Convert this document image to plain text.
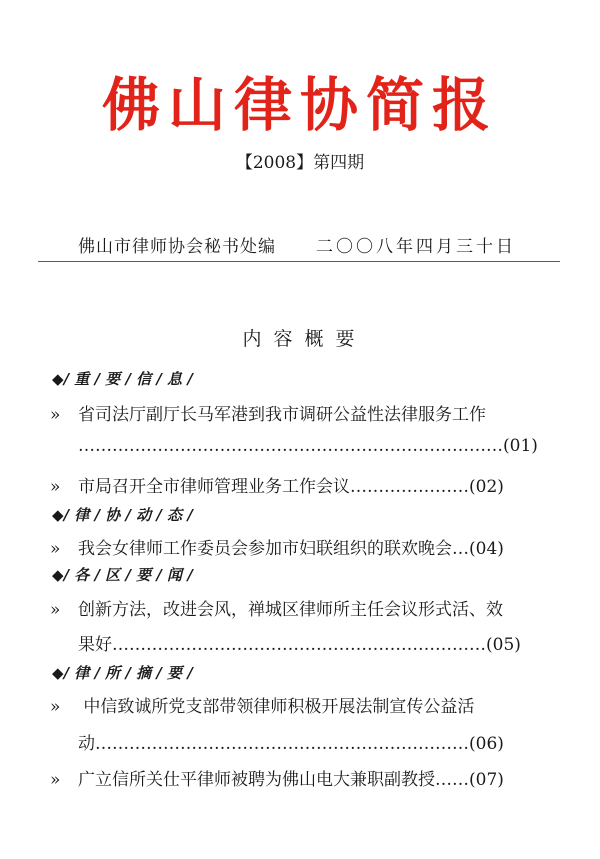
佛山律协简报
【2008】第四期
佛山市律师协会秘书处编 二〇〇八年四月三十日
内 容 概 要
◆/ 重 / 要 / 信 / 息 /
» 省司法厅副厅长马军港到我市调研公益性法律服务工作
…………………………………………………………………(01)
» 市局召开全市律师管理业务工作会议…………………(02)
◆/ 律 / 协 / 动 / 态 /
» 我会女律师工作委员会参加市妇联组织的联欢晚会…(04)
◆/ 各 / 区 / 要 / 闻 /
» 创新方法，改进会风，禅城区律师所主任会议形式活、效
果好…………………………………………………………(05)
◆/ 律 / 所 / 摘 / 要 /
» 中信致诚所党支部带领律师积极开展法制宣传公益活
动…………………………………………………………(06)
» 广立信所关仕平律师被聘为佛山电大兼职副教授……(07)
